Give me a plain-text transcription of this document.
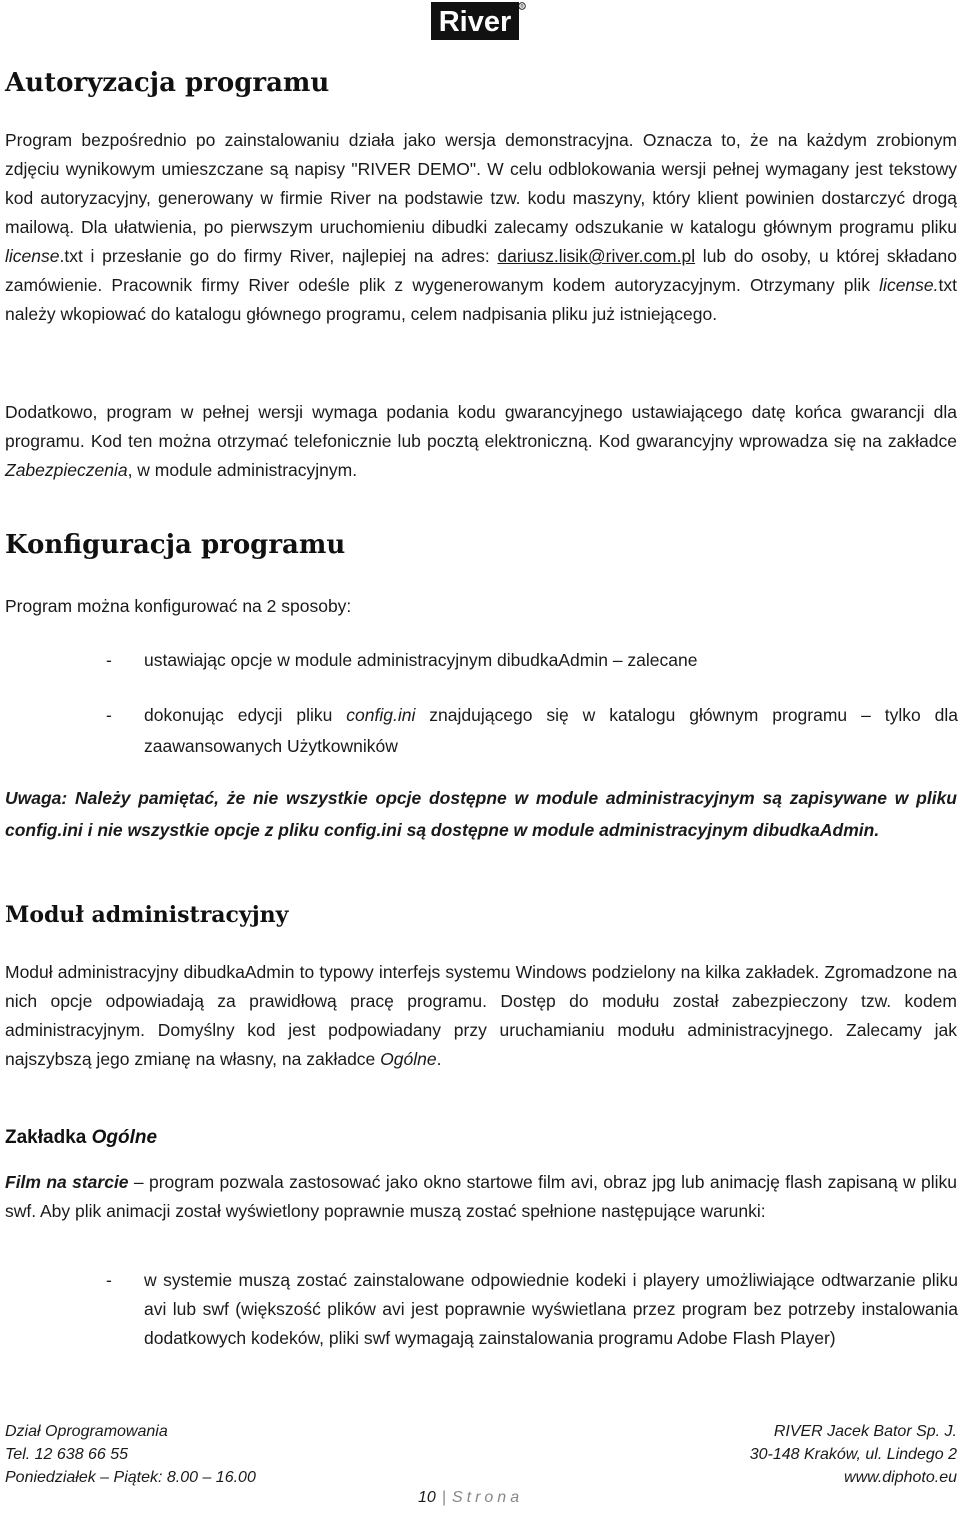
River ®
Autoryzacja programu

Program bezpośrednio po zainstalowaniu działa jako wersja demonstracyjna. Oznacza to, że na każdym zrobionym zdjęciu wynikowym umieszczane są napisy "RIVER DEMO". W celu odblokowania wersji pełnej wymagany jest tekstowy kod autoryzacyjny, generowany w firmie River na podstawie tzw. kodu maszyny, który klient powinien dostarczyć drogą mailową. Dla ułatwienia, po pierwszym uruchomieniu dibudki zalecamy odszukanie w katalogu głównym programu pliku license.txt i przesłanie go do firmy River, najlepiej na adres: dariusz.lisik@river.com.pl lub do osoby, u której składano zamówienie. Pracownik firmy River odeśle plik z wygenerowanym kodem autoryzacyjnym. Otrzymany plik license.txt należy wkopiować do katalogu głównego programu, celem nadpisania pliku już istniejącego.

Dodatkowo, program w pełnej wersji wymaga podania kodu gwarancyjnego ustawiającego datę końca gwarancji dla programu. Kod ten można otrzymać telefonicznie lub pocztą elektroniczną. Kod gwarancyjny wprowadza się na zakładce Zabezpieczenia, w module administracyjnym.

Konfiguracja programu

Program można konfigurować na 2 sposoby:

- ustawiając opcje w module administracyjnym dibudkaAdmin – zalecane
- dokonując edycji pliku config.ini znajdującego się w katalogu głównym programu – tylko dla zaawansowanych Użytkowników

Uwaga: Należy pamiętać, że nie wszystkie opcje dostępne w module administracyjnym są zapisywane w pliku config.ini i nie wszystkie opcje z pliku config.ini są dostępne w module administracyjnym dibudkaAdmin.

Moduł administracyjny

Moduł administracyjny dibudkaAdmin to typowy interfejs systemu Windows podzielony na kilka zakładek. Zgromadzone na nich opcje odpowiadają za prawidłową pracę programu. Dostęp do modułu został zabezpieczony tzw. kodem administracyjnym. Domyślny kod jest podpowiadany przy uruchamianiu modułu administracyjnego. Zalecamy jak najszybszą jego zmianę na własny, na zakładce Ogólne.

Zakładka Ogólne

Film na starcie – program pozwala zastosować jako okno startowe film avi, obraz jpg lub animację flash zapisaną w pliku swf. Aby plik animacji został wyświetlony poprawnie muszą zostać spełnione następujące warunki:

- w systemie muszą zostać zainstalowane odpowiednie kodeki i playery umożliwiające odtwarzanie pliku avi lub swf (większość plików avi jest poprawnie wyświetlana przez program bez potrzeby instalowania dodatkowych kodeków, pliki swf wymagają zainstalowania programu Adobe Flash Player)
Dział Oprogramowania
Tel. 12 638 66 55
Poniedziałek – Piątek: 8.00 – 16.00
RIVER Jacek Bator Sp. J.
30-148 Kraków, ul. Lindego 2
www.diphoto.eu
10 | Strona
